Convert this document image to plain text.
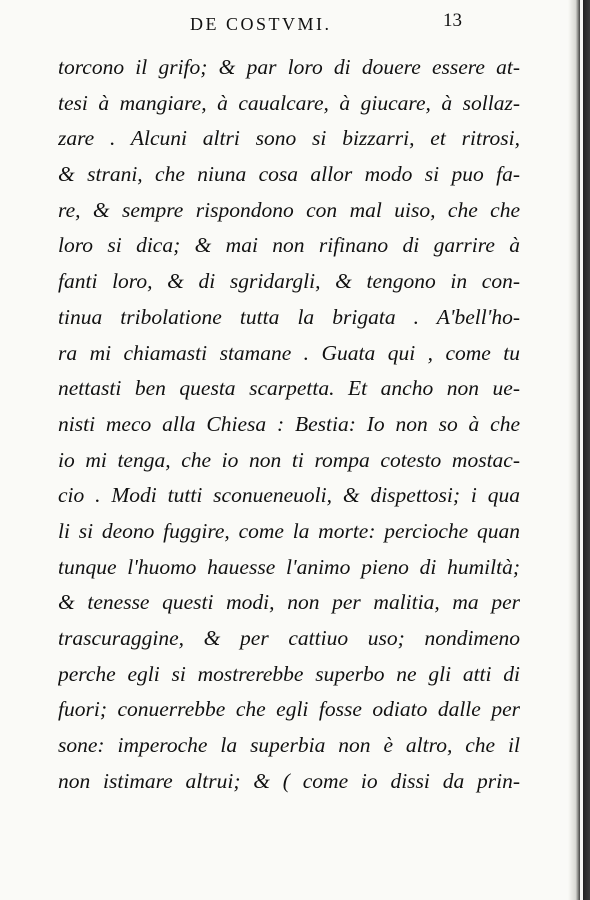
DE COSTVMI.	13
torcono il grifo; & par loro di douere essere at-
tesi à mangiare, à caualcare, à giucare, à sollaz-
zare . Alcuni altri sono si bizzarri, et ritrosi,
& strani, che niuna cosa allor modo si puo fa-
re, & sempre rispondono con mal uiso, che che
loro si dica; & mai non rifinano di garrire à
fanti loro, & di sgridargli, & tengono in con-
tinua tribolatione tutta la brigata . A'bell'ho-
ra mi chiamasti stamane . Guata qui , come tu
nettasti ben questa scarpetta. Et ancho non ue-
nisti meco alla Chiesa : Bestia: Io non so à che
io mi tenga, che io non ti rompa cotesto mostac-
cio . Modi tutti sconueneuoli, & dispettosi; i qua
li si deono fuggire, come la morte: percioche quan
tunque l'huomo hauesse l'animo pieno di humiltà;
& tenesse questi modi, non per malitia, ma per
trascuraggine, & per cattiuo uso; nondimeno
perche egli si mostrerebbe superbo ne gli atti di
fuori; conuerrebbe che egli fosse odiato dalle per
sone: imperoche la superbia non è altro, che il
non istimare altrui; & ( come io dissi da prin-
